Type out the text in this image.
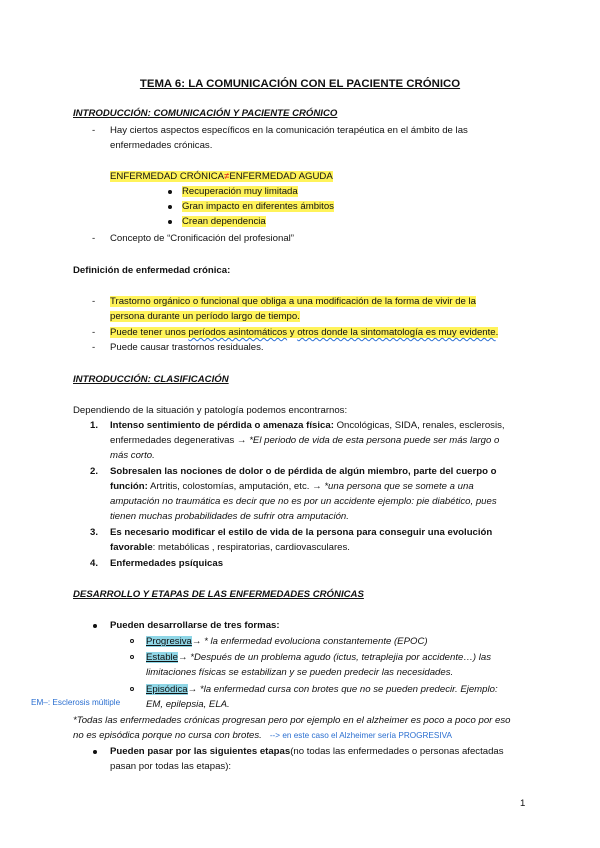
TEMA 6: LA COMUNICACIÓN CON EL PACIENTE CRÓNICO
INTRODUCCIÓN: COMUNICACIÓN Y PACIENTE CRÓNICO
- Hay ciertos aspectos específicos en la comunicación terapéutica en el ámbito de las
enfermedades crónicas.
ENFERMEDAD CRÓNICA≠ENFERMEDAD AGUDA
Recuperación muy limitada
Gran impacto en diferentes ámbitos
Crean dependencia
- Concepto de “Cronificación del profesional”
Definición de enfermedad crónica:
- Trastorno orgánico o funcional que obliga a una modificación de la forma de vivir de la
persona durante un período largo de tiempo.
- Puede tener unos períodos asintomáticos y otros donde la sintomatología es muy evidente.
- Puede causar trastornos residuales.
INTRODUCCIÓN: CLASIFICACIÓN
Dependiendo de la situación y patología podemos encontrarnos:
1. Intenso sentimiento de pérdida o amenaza física: Oncológicas, SIDA, renales, esclerosis,
enfermedades degenerativas → *El periodo de vida de esta persona puede ser más largo o
más corto.
2. Sobresalen las nociones de dolor o de pérdida de algún miembro, parte del cuerpo o
función: Artritis, colostomías, amputación, etc. → *una persona que se somete a una
amputación no traumática es decir que no es por un accidente ejemplo: pie diabético, pues
tienen muchas probabilidades de sufrir otra amputación.
3. Es necesario modificar el estilo de vida de la persona para conseguir una evolución
favorable: metabólicas , respiratorias, cardiovasculares.
4. Enfermedades psíquicas
DESARROLLO Y ETAPAS DE LAS ENFERMEDADES CRÓNICAS
Pueden desarrollarse de tres formas:
Progresiva→ * la enfermedad evoluciona constantemente (EPOC)
Estable→ *Después de un problema agudo (ictus, tetraplejia por accidente…) las
limitaciones físicas se estabilizan y se pueden predecir las necesidades.
Episódica→ *la enfermedad cursa con brotes que no se pueden predecir. Ejemplo:
EM–: Esclerosis múltiple	EM, epilepsia, ELA.
*Todas las enfermedades crónicas progresan pero por ejemplo en el alzheimer es poco a poco por eso
no es episódica porque no cursa con brotes. --> en este caso el Alzheimer sería PROGRESIVA
Pueden pasar por las siguientes etapas(no todas las enfermedades o personas afectadas
pasan por todas las etapas):
1
